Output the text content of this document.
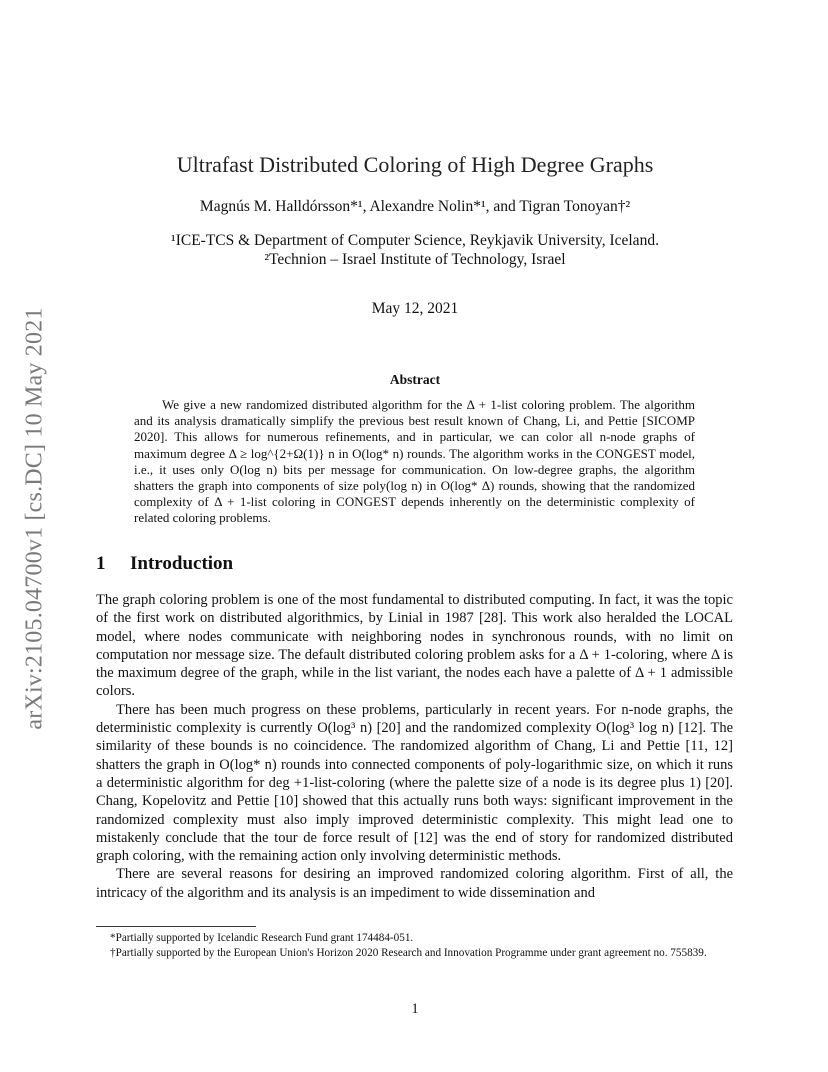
arXiv:2105.04700v1 [cs.DC] 10 May 2021
Ultrafast Distributed Coloring of High Degree Graphs
Magnús M. Halldórsson*¹, Alexandre Nolin*¹, and Tigran Tonoyan†²
¹ICE-TCS & Department of Computer Science, Reykjavik University, Iceland.
²Technion – Israel Institute of Technology, Israel
May 12, 2021
Abstract
We give a new randomized distributed algorithm for the Δ + 1-list coloring problem. The algorithm and its analysis dramatically simplify the previous best result known of Chang, Li, and Pettie [SICOMP 2020]. This allows for numerous refinements, and in particular, we can color all n-node graphs of maximum degree Δ ≥ log^{2+Ω(1)} n in O(log* n) rounds. The algorithm works in the CONGEST model, i.e., it uses only O(log n) bits per message for communication. On low-degree graphs, the algorithm shatters the graph into components of size poly(log n) in O(log* Δ) rounds, showing that the randomized complexity of Δ + 1-list coloring in CONGEST depends inherently on the deterministic complexity of related coloring problems.
1 Introduction

The graph coloring problem is one of the most fundamental to distributed computing. In fact, it was the topic of the first work on distributed algorithmics, by Linial in 1987 [28]. This work also heralded the LOCAL model, where nodes communicate with neighboring nodes in synchronous rounds, with no limit on computation nor message size. The default distributed coloring problem asks for a Δ + 1-coloring, where Δ is the maximum degree of the graph, while in the list variant, the nodes each have a palette of Δ + 1 admissible colors.

There has been much progress on these problems, particularly in recent years. For n-node graphs, the deterministic complexity is currently O(log³ n) [20] and the randomized complexity O(log³ log n) [12]. The similarity of these bounds is no coincidence. The randomized algorithm of Chang, Li and Pettie [11, 12] shatters the graph in O(log* n) rounds into connected components of poly-logarithmic size, on which it runs a deterministic algorithm for deg +1-list-coloring (where the palette size of a node is its degree plus 1) [20]. Chang, Kopelovitz and Pettie [10] showed that this actually runs both ways: significant improvement in the randomized complexity must also imply improved deterministic complexity. This might lead one to mistakenly conclude that the tour de force result of [12] was the end of story for randomized distributed graph coloring, with the remaining action only involving deterministic methods.

There are several reasons for desiring an improved randomized coloring algorithm. First of all, the intricacy of the algorithm and its analysis is an impediment to wide dissemination and

*Partially supported by Icelandic Research Fund grant 174484-051.

†Partially supported by the European Union's Horizon 2020 Research and Innovation Programme under grant agreement no. 755839.

1
